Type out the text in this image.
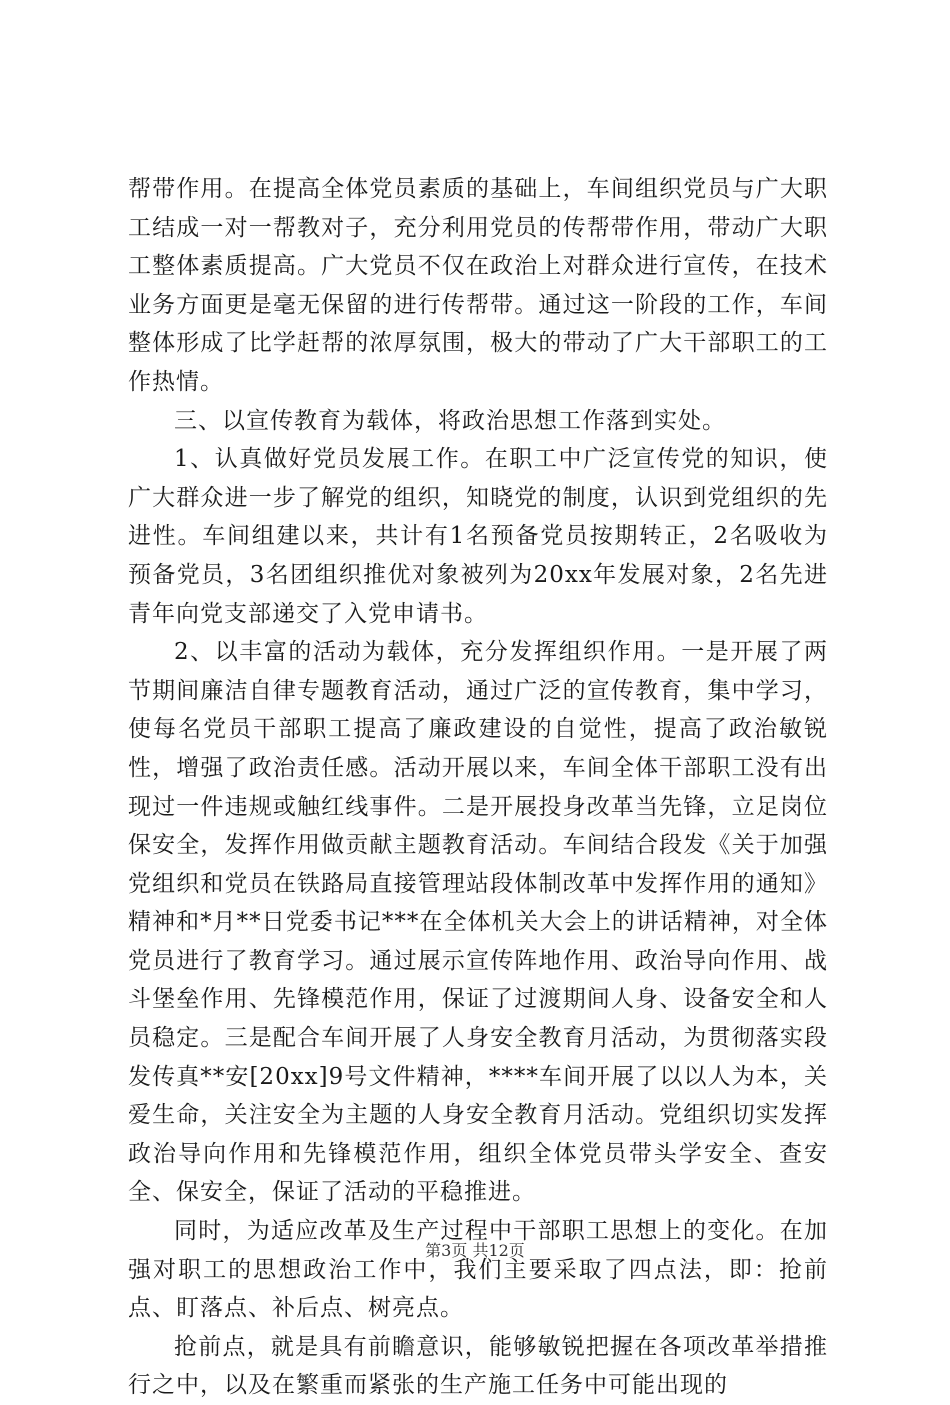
帮带作用。在提高全体党员素质的基础上，车间组织党员与广大职工结成一对一帮教对子，充分利用党员的传帮带作用，带动广大职工整体素质提高。广大党员不仅在政治上对群众进行宣传，在技术业务方面更是毫无保留的进行传帮带。通过这一阶段的工作，车间整体形成了比学赶帮的浓厚氛围，极大的带动了广大干部职工的工作热情。

三、以宣传教育为载体，将政治思想工作落到实处。

1、认真做好党员发展工作。在职工中广泛宣传党的知识，使广大群众进一步了解党的组织，知晓党的制度，认识到党组织的先进性。车间组建以来，共计有1名预备党员按期转正，2名吸收为预备党员，3名团组织推优对象被列为20xx年发展对象，2名先进青年向党支部递交了入党申请书。

2、以丰富的活动为载体，充分发挥组织作用。一是开展了两节期间廉洁自律专题教育活动，通过广泛的宣传教育，集中学习，使每名党员干部职工提高了廉政建设的自觉性，提高了政治敏锐性，增强了政治责任感。活动开展以来，车间全体干部职工没有出现过一件违规或触红线事件。二是开展投身改革当先锋，立足岗位保安全，发挥作用做贡献主题教育活动。车间结合段发《关于加强党组织和党员在铁路局直接管理站段体制改革中发挥作用的通知》精神和*月**日党委书记***在全体机关大会上的讲话精神，对全体党员进行了教育学习。通过展示宣传阵地作用、政治导向作用、战斗堡垒作用、先锋模范作用，保证了过渡期间人身、设备安全和人员稳定。三是配合车间开展了人身安全教育月活动，为贯彻落实段发传真**安[20xx]9号文件精神，****车间开展了以以人为本，关爱生命，关注安全为主题的人身安全教育月活动。党组织切实发挥政治导向作用和先锋模范作用，组织全体党员带头学安全、查安全、保安全，保证了活动的平稳推进。

同时，为适应改革及生产过程中干部职工思想上的变化。在加强对职工的思想政治工作中，我们主要采取了四点法，即：抢前点、盯落点、补后点、树亮点。

抢前点，就是具有前瞻意识，能够敏锐把握在各项改革举措推行之中，以及在繁重而紧张的生产施工任务中可能出现的

第3页 共12页
